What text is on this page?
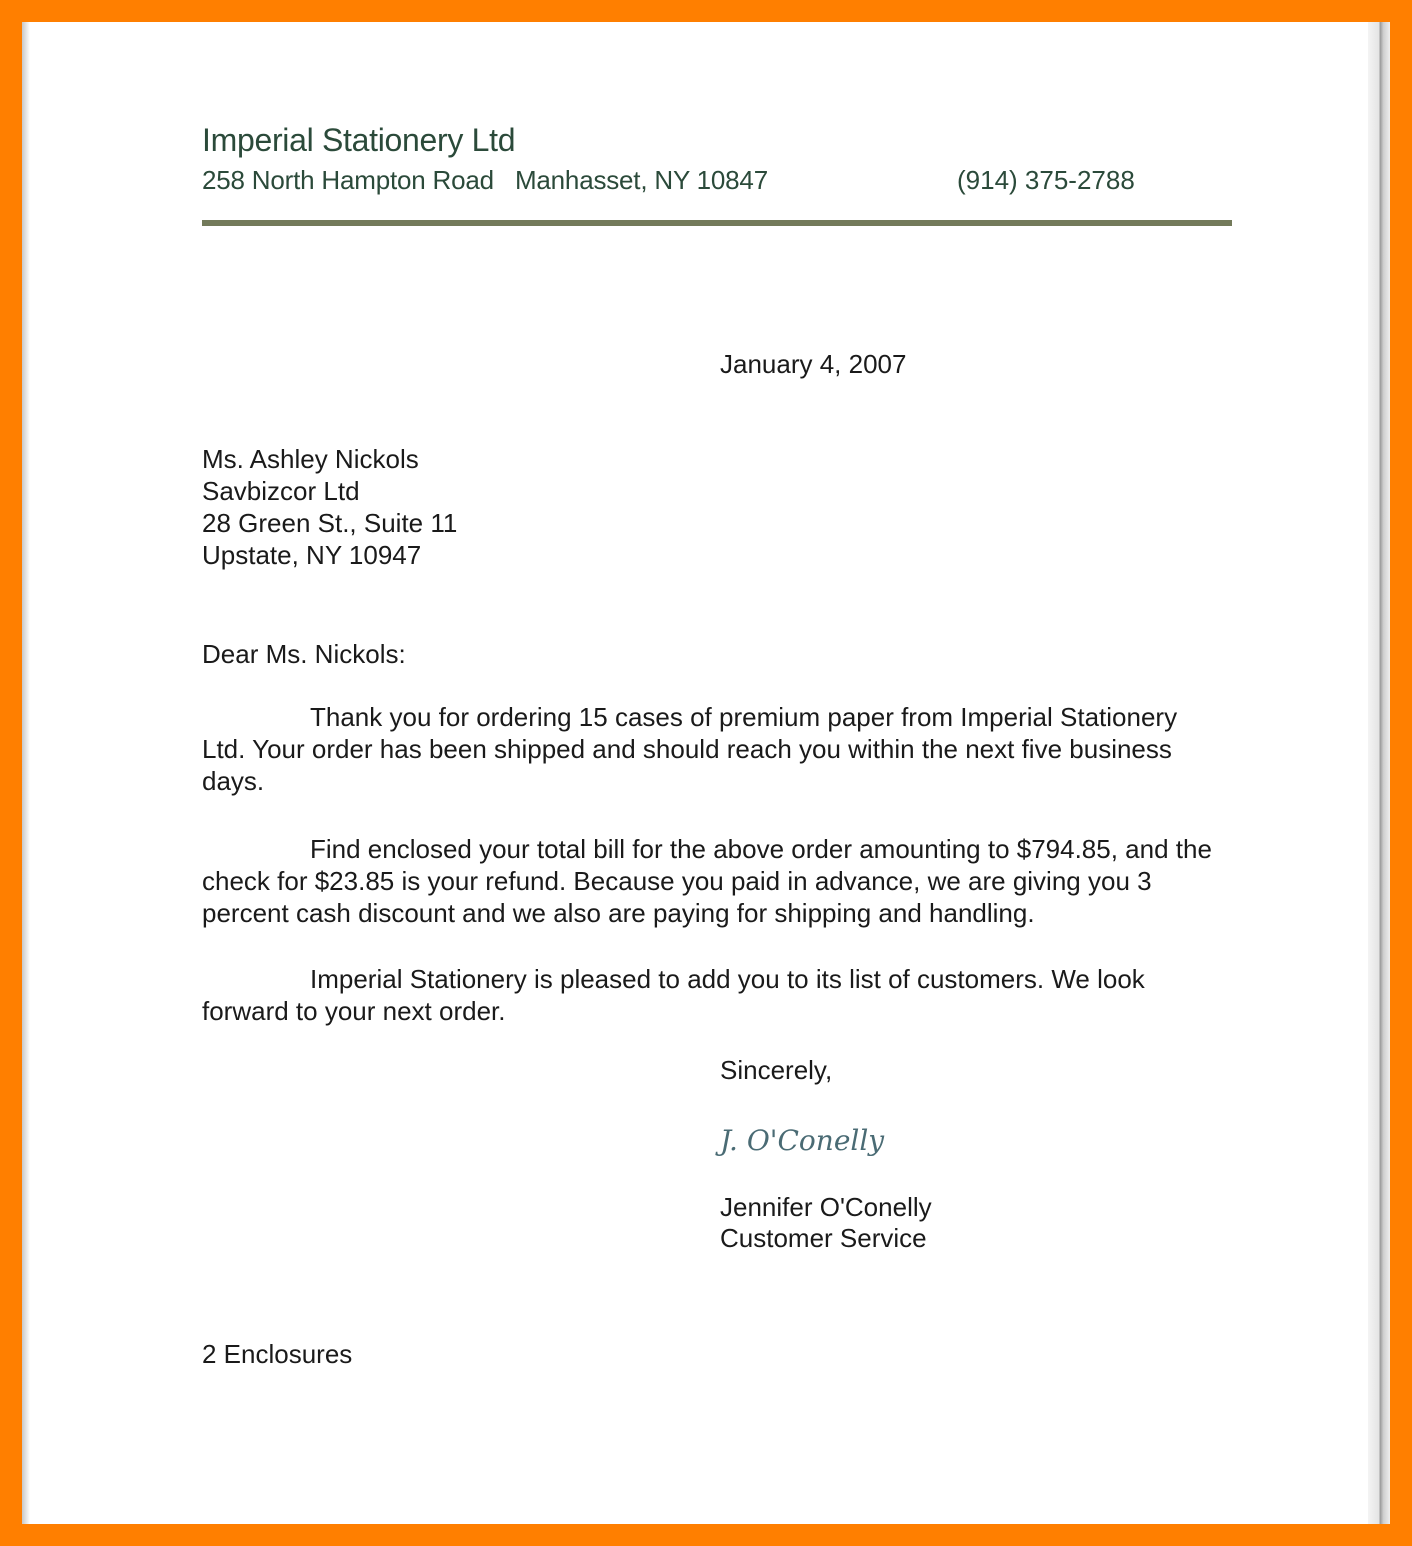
Imperial Stationery Ltd
258 North Hampton Road   Manhasset, NY 10847	(914) 375-2788
January 4, 2007
Ms. Ashley Nickols
Savbizcor Ltd
28 Green St., Suite 11
Upstate, NY 10947
Dear Ms. Nickols:
Thank you for ordering 15 cases of premium paper from Imperial Stationery
Ltd. Your order has been shipped and should reach you within the next five business
days.
Find enclosed your total bill for the above order amounting to $794.85, and the
check for $23.85 is your refund. Because you paid in advance, we are giving you 3
percent cash discount and we also are paying for shipping and handling.
Imperial Stationery is pleased to add you to its list of customers. We look
forward to your next order.
Sincerely,
J. O'Conelly
Jennifer O'Conelly
Customer Service
2 Enclosures
